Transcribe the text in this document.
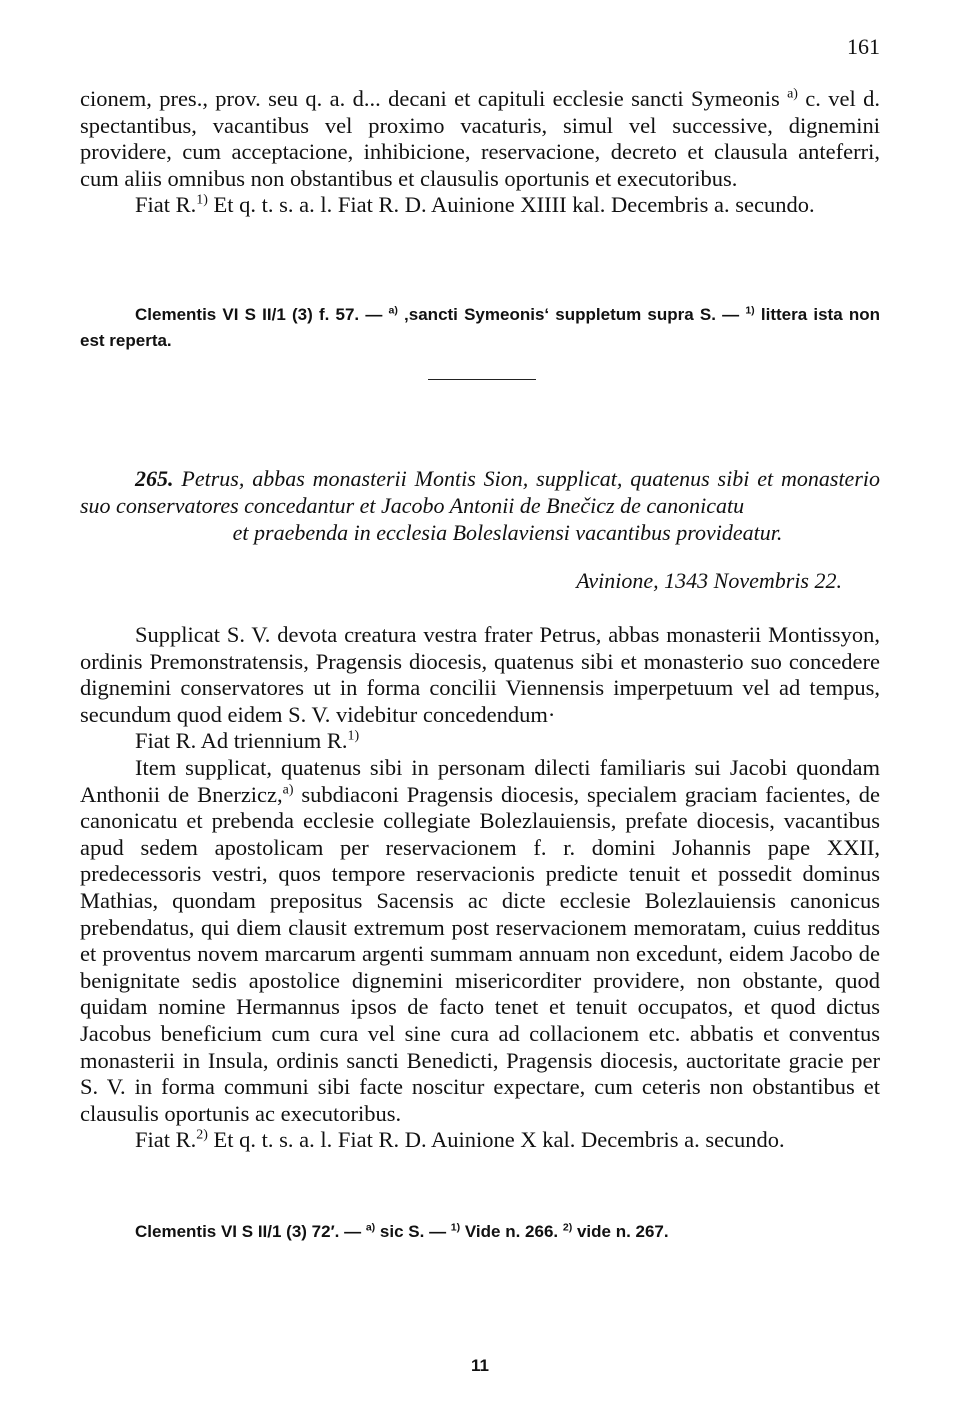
161

cionem, pres., prov. seu q. a. d... decani et capituli ecclesie sancti Symeonis $^{a)}$ c. vel d. spectantibus, vacantibus vel proximo vacaturis, simul vel successive, dignemini providere, cum acceptacione, inhibicione, reservacione, decreto et clausula anteferri, cum aliis omnibus non obstantibus et clausulis oportunis et executoribus.

Fiat R.$^{1)}$ Et q. t. s. a. l. Fiat R. D. Auinione XIIII kal. Decembris a. secundo.

Clementis VI S II/1 (3) f. 57. — $^{a)}$ ‚sancti Symeonis‘ suppletum supra S. — $^{1)}$ littera ista non est reperta.

265. Petrus, abbas monasterii Montis Sion, supplicat, quatenus sibi et monasterio suo conservatores concedantur et Jacobo Antonii de Bnečicz de canonicatu
et praebenda in ecclesia Boleslaviensi vacantibus provideatur.

Avinione, 1343 Novembris 22.

Supplicat S. V. devota creatura vestra frater Petrus, abbas monasterii Montissyon, ordinis Premonstratensis, Pragensis diocesis, quatenus sibi et monasterio suo concedere dignemini conservatores ut in forma concilii Viennensis imperpetuum vel ad tempus, secundum quod eidem S. V. videbitur concedendum·

Fiat R. Ad triennium R.$^{1)}$

Item supplicat, quatenus sibi in personam dilecti familiaris sui Jacobi quondam Anthonii de Bnerzicz,$^{a)}$ subdiaconi Pragensis diocesis, specialem graciam facientes, de canonicatu et prebenda ecclesie collegiate Bolezlauiensis, prefate diocesis, vacantibus apud sedem apostolicam per reservacionem f. r. domini Johannis pape XXII, predecessoris vestri, quos tempore reservacionis predicte tenuit et possedit dominus Mathias, quondam prepositus Sacensis ac dicte ecclesie Bolezlauiensis canonicus prebendatus, qui diem clausit extremum post reservacionem memoratam, cuius redditus et proventus novem marcarum argenti summam annuam non excedunt, eidem Jacobo de benignitate sedis apostolice dignemini misericorditer providere, non obstante, quod quidam nomine Hermannus ipsos de facto tenet et tenuit occupatos, et quod dictus Jacobus beneficium cum cura vel sine cura ad collacionem etc. abbatis et conventus monasterii in Insula, ordinis sancti Benedicti, Pragensis diocesis, auctoritate gracie per S. V. in forma communi sibi facte noscitur expectare, cum ceteris non obstantibus et clausulis oportunis ac executoribus.

Fiat R.$^{2)}$ Et q. t. s. a. l. Fiat R. D. Auinione X kal. Decembris a. secundo.

Clementis VI S II/1 (3) 72′. — $^{a)}$ sic S. — $^{1)}$ Vide n. 266. $^{2)}$ vide n. 267.

11
